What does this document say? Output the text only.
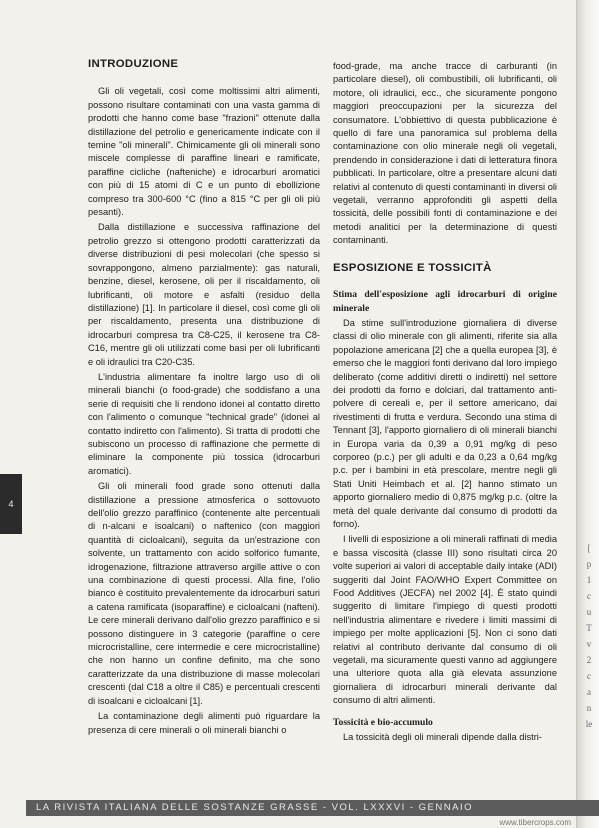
[
p
1
c
u
T
v
2
c
a
n
le
4
INTRODUZIONE

Gli oli vegetali, così come moltissimi altri alimenti, possono risultare contaminati con una vasta gamma di prodotti che hanno come base "frazioni" ottenute dalla distillazione del petrolio e genericamente indicate con il temine "oli minerali". Chimicamente gli oli minerali sono miscele complesse di paraffine lineari e ramificate, paraffine cicliche (nafteniche) e idrocarburi aromatici con più di 15 atomi di C e un punto di ebollizione compreso tra 300-600 °C (fino a 815 °C per gli oli più pesanti).

Dalla distillazione e successiva raffinazione del petrolio grezzo si ottengono prodotti caratterizzati da diverse distribuzioni di pesi molecolari (che spesso si sovrappongono, almeno parzialmente): gas naturali, benzine, diesel, kerosene, oli per il riscaldamento, oli lubrificanti, oli motore e asfalti (residuo della distillazione) [1]. In particolare il diesel, così come gli oli per riscaldamento, presenta una distribuzione di idrocarburi compresa tra C8-C25, il kerosene tra C8- C16, mentre gli oli utilizzati come basi per oli lubrificanti e oli idraulici tra C20-C35.

L'industria alimentare fa inoltre largo uso di oli minerali bianchi (o food-grade) che soddisfano a una serie di requisiti che li rendono idonei al contatto diretto con l'alimento o comunque "technical grade" (idonei al contatto indiretto con l'alimento). Si tratta di prodotti che subiscono un processo di raffinazione che permette di eliminare la componente più tossica (idrocarburi aromatici).

Gli oli minerali food grade sono ottenuti dalla distillazione a pressione atmosferica o sottovuoto dell'olio grezzo paraffinico (contenente alte percentuali di n-alcani e isoalcani) o naftenico (con maggiori quantità di cicloalcani), seguita da un'estrazione con solvente, un trattamento con acido solforico fumante, idrogenazione, filtrazione attraverso argille attive o con una combinazione di questi processi. Alla fine, l'olio bianco è costituito prevalentemente da idrocarburi saturi a catena ramificata (isoparaffine) e cicloalcani (nafteni). Le cere minerali derivano dall'olio grezzo paraffinico e si possono distinguere in 3 categorie (paraffine o cere microcristalline, cere intermedie e cere microcristalline) che non hanno un confine definito, ma che sono caratterizzate da una distribuzione di masse molecolari crescenti (dal C18 a oltre il C85) e percentuali crescenti di isoalcani e cicloalcani [1].

La contaminazione degli alimenti può riguardare la presenza di cere minerali o oli minerali bianchi o

food-grade, ma anche tracce di carburanti (in particolare diesel), oli combustibili, oli lubrificanti, oli motore, oli idraulici, ecc., che sicuramente pongono maggiori preoccupazioni per la sicurezza del consumatore. L'obbiettivo di questa pubblicazione è quello di fare una panoramica sul problema della contaminazione con olio minerale negli oli vegetali, prendendo in considerazione i dati di letteratura finora pubblicati. In particolare, oltre a presentare alcuni dati relativi al contenuto di questi contaminanti in diversi oli vegetali, verranno approfonditi gli aspetti della tossicità, delle possibili fonti di contaminazione e dei metodi analitici per la determinazione di questi contaminanti.

ESPOSIZIONE E TOSSICITÀ
Stima dell'esposizione agli idrocarburi di origine minerale

Da stime sull'introduzione giornaliera di diverse classi di olio minerale con gli alimenti, riferite sia alla popolazione americana [2] che a quella europea [3], è emerso che le maggiori fonti derivano dal loro impiego deliberato (come additivi diretti o indiretti) nel settore dei prodotti da forno e dolciari, dal trattamento anti-polvere di cereali e, per il settore americano, dai rivestimenti di frutta e verdura. Secondo una stima di Tennant [3], l'apporto giornaliero di oli minerali bianchi in Europa varia da 0,39 a 0,91 mg/kg di peso corporeo (p.c.) per gli adulti e da 0,23 a 0,64 mg/kg p.c. per i bambini in età prescolare, mentre negli gli Stati Uniti Heimbach et al. [2] hanno stimato un apporto giornaliero medio di 0,875 mg/kg p.c. (oltre la metà del quale derivante dal consumo di prodotti da forno).

I livelli di esposizione a oli minerali raffinati di media e bassa viscosità (classe III) sono risultati circa 20 volte superiori ai valori di acceptable daily intake (ADI) suggeriti dal Joint FAO/WHO Expert Committee on Food Additives (JECFA) nel 2002 [4]. È stato quindi suggerito di limitare l'impiego di questi prodotti nell'industria alimentare e rivedere i limiti massimi di impiego per molte applicazioni [5]. Non ci sono dati relativi al contributo derivante dal consumo di oli vegetali, ma sicuramente questi vanno ad aggiungere una ulteriore quota alla già elevata assunzione giornaliera di idrocarburi minerali derivante dal consumo di altri alimenti.

Tossicità e bio-accumulo

La tossicità degli oli minerali dipende dalla distri-

LA RIVISTA ITALIANA DELLE SOSTANZE GRASSE - VOL. LXXXVI - GENNAIO
www.tibercrops.com
